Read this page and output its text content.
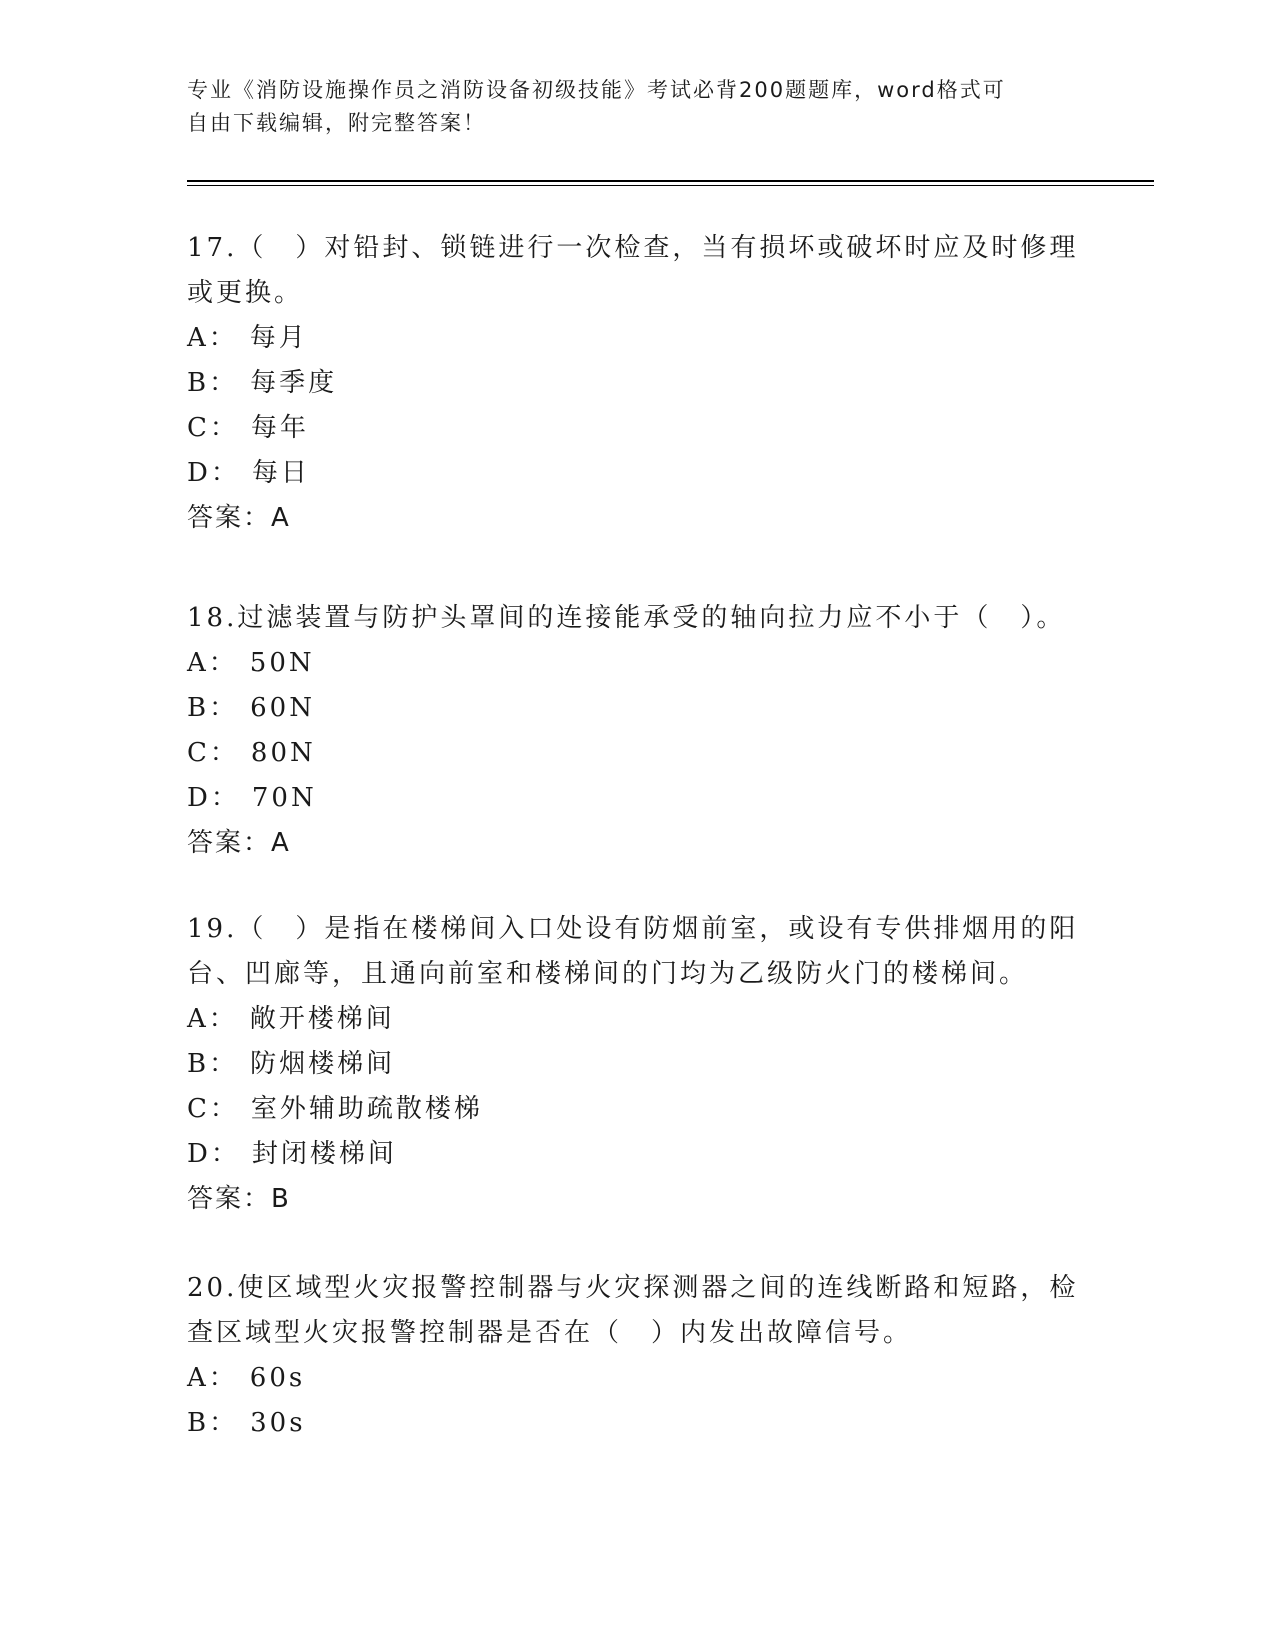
专业《消防设施操作员之消防设备初级技能》考试必背200题题库，word格式可
自由下载编辑，附完整答案！

17.（　）对铅封、锁链进行一次检查，当有损坏或破坏时应及时修理或更换。

A： 每月
B： 每季度
C： 每年
D： 每日
答案：A

18.过滤装置与防护头罩间的连接能承受的轴向拉力应不小于（　）。

A： 50N
B： 60N
C： 80N
D： 70N
答案：A

19.（　）是指在楼梯间入口处设有防烟前室，或设有专供排烟用的阳台、凹廊等，且通向前室和楼梯间的门均为乙级防火门的楼梯间。

A： 敞开楼梯间
B： 防烟楼梯间
C： 室外辅助疏散楼梯
D： 封闭楼梯间
答案：B

20.使区域型火灾报警控制器与火灾探测器之间的连线断路和短路，检查区域型火灾报警控制器是否在（　）内发出故障信号。

A： 60s
B： 30s
